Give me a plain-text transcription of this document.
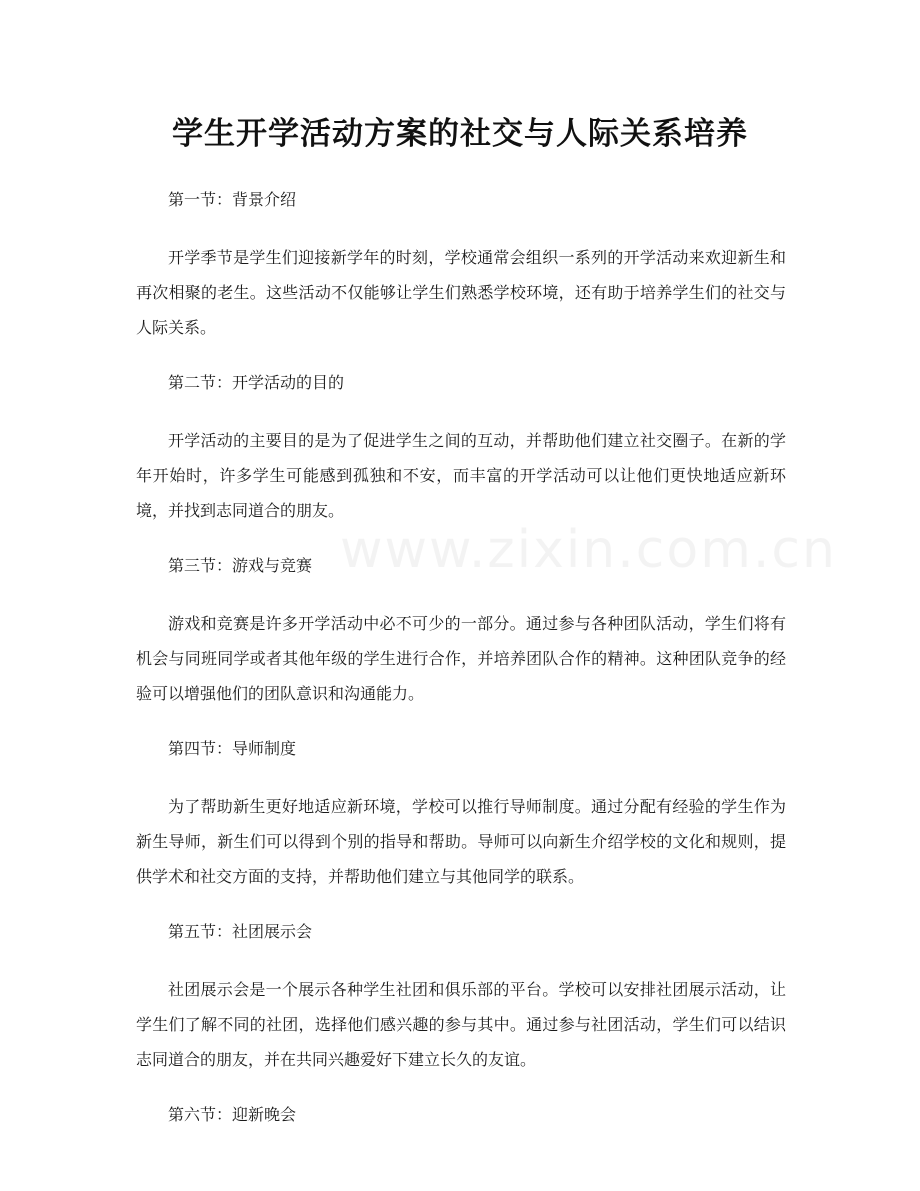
学生开学活动方案的社交与人际关系培养
www.zixin.com.cn

第一节：背景介绍

开学季节是学生们迎接新学年的时刻，学校通常会组织一系列的开学活动来欢迎新生和再次相聚的老生。这些活动不仅能够让学生们熟悉学校环境，还有助于培养学生们的社交与人际关系。

第二节：开学活动的目的

开学活动的主要目的是为了促进学生之间的互动，并帮助他们建立社交圈子。在新的学年开始时，许多学生可能感到孤独和不安，而丰富的开学活动可以让他们更快地适应新环境，并找到志同道合的朋友。

第三节：游戏与竞赛

游戏和竞赛是许多开学活动中必不可少的一部分。通过参与各种团队活动，学生们将有机会与同班同学或者其他年级的学生进行合作，并培养团队合作的精神。这种团队竞争的经验可以增强他们的团队意识和沟通能力。

第四节：导师制度

为了帮助新生更好地适应新环境，学校可以推行导师制度。通过分配有经验的学生作为新生导师，新生们可以得到个别的指导和帮助。导师可以向新生介绍学校的文化和规则，提供学术和社交方面的支持，并帮助他们建立与其他同学的联系。

第五节：社团展示会

社团展示会是一个展示各种学生社团和俱乐部的平台。学校可以安排社团展示活动，让学生们了解不同的社团，选择他们感兴趣的参与其中。通过参与社团活动，学生们可以结识志同道合的朋友，并在共同兴趣爱好下建立长久的友谊。

第六节：迎新晚会
